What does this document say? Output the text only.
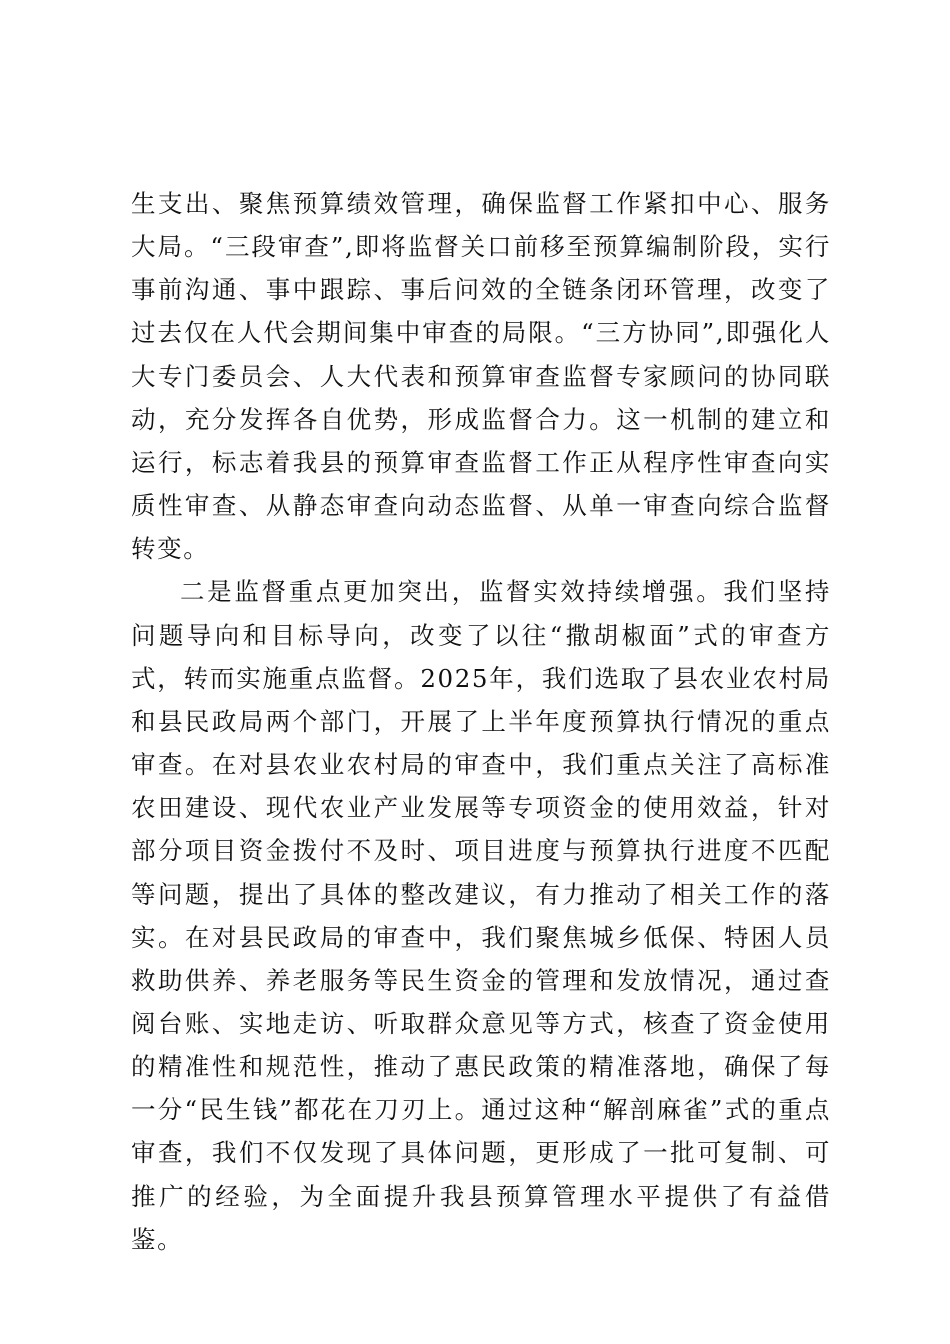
生支出、聚焦预算绩效管理，确保监督工作紧扣中心、服务大局。“三段审查”,即将监督关口前移至预算编制阶段，实行事前沟通、事中跟踪、事后问效的全链条闭环管理，改变了过去仅在人代会期间集中审查的局限。“三方协同”,即强化人大专门委员会、人大代表和预算审查监督专家顾问的协同联动，充分发挥各自优势，形成监督合力。这一机制的建立和运行，标志着我县的预算审查监督工作正从程序性审查向实质性审查、从静态审查向动态监督、从单一审查向综合监督转变。

二是监督重点更加突出，监督实效持续增强。我们坚持问题导向和目标导向，改变了以往“撒胡椒面”式的审查方式，转而实施重点监督。2025年，我们选取了县农业农村局和县民政局两个部门，开展了上半年度预算执行情况的重点审查。在对县农业农村局的审查中，我们重点关注了高标准农田建设、现代农业产业发展等专项资金的使用效益，针对部分项目资金拨付不及时、项目进度与预算执行进度不匹配等问题，提出了具体的整改建议，有力推动了相关工作的落实。在对县民政局的审查中，我们聚焦城乡低保、特困人员救助供养、养老服务等民生资金的管理和发放情况，通过查阅台账、实地走访、听取群众意见等方式，核查了资金使用的精准性和规范性，推动了惠民政策的精准落地，确保了每一分“民生钱”都花在刀刃上。通过这种“解剖麻雀”式的重点审查，我们不仅发现了具体问题，更形成了一批可复制、可推广的经验，为全面提升我县预算管理水平提供了有益借鉴。
